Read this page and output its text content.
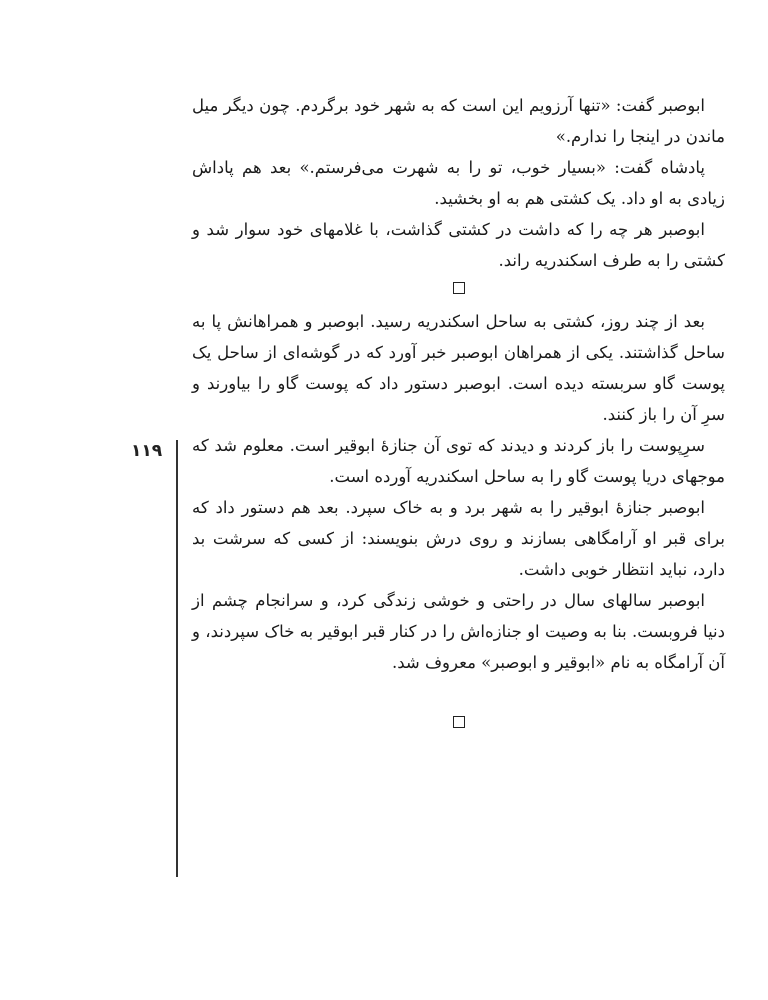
ابوصبر گفت: «تنها آرزویم این است که به شهر خود برگردم. چون دیگر میل ماندن در اینجا را ندارم.»

پادشاه گفت: «بسیار خوب، تو را به شهرت می‌فرستم.» بعد هم پاداش زیادی به او داد. یک کشتی هم به او بخشید.

ابوصبر هر چه را که داشت در کشتی گذاشت، با غلامهای خود سوار شد و کشتی را به طرف اسکندریه راند.

بعد از چند روز، کشتی به ساحل اسکندریه رسید. ابوصبر و همراهانش پا به ساحل گذاشتند. یکی از همراهان ابوصبر خبر آورد که در گوشه‌ای از ساحل یک پوست گاو سربسته دیده است. ابوصبر دستور داد که پوست گاو را بیاورند و سرِ آن را باز کنند.

سرِپوست را باز کردند و دیدند که توی آن جنازهٔ ابوقیر است. معلوم شد که موجهای دریا پوست گاو را به ساحل اسکندریه آورده است.

ابوصبر جنازهٔ ابوقیر را به شهر برد و به خاک سپرد. بعد هم دستور داد که برای قبر او آرامگاهی بسازند و روی درش بنویسند: از کسی که سرشت بد دارد، نباید انتظار خوبی داشت.

ابوصبر سالهای سال در راحتی و خوشی زندگی کرد، و سرانجام چشم از دنیا فروبست. بنا به وصیت او جنازه‌اش را در کنار قبر ابوقیر به خاک سپردند، و آن آرامگاه به نام «ابوقیر و ابوصبر» معروف شد.

۱۱۹
